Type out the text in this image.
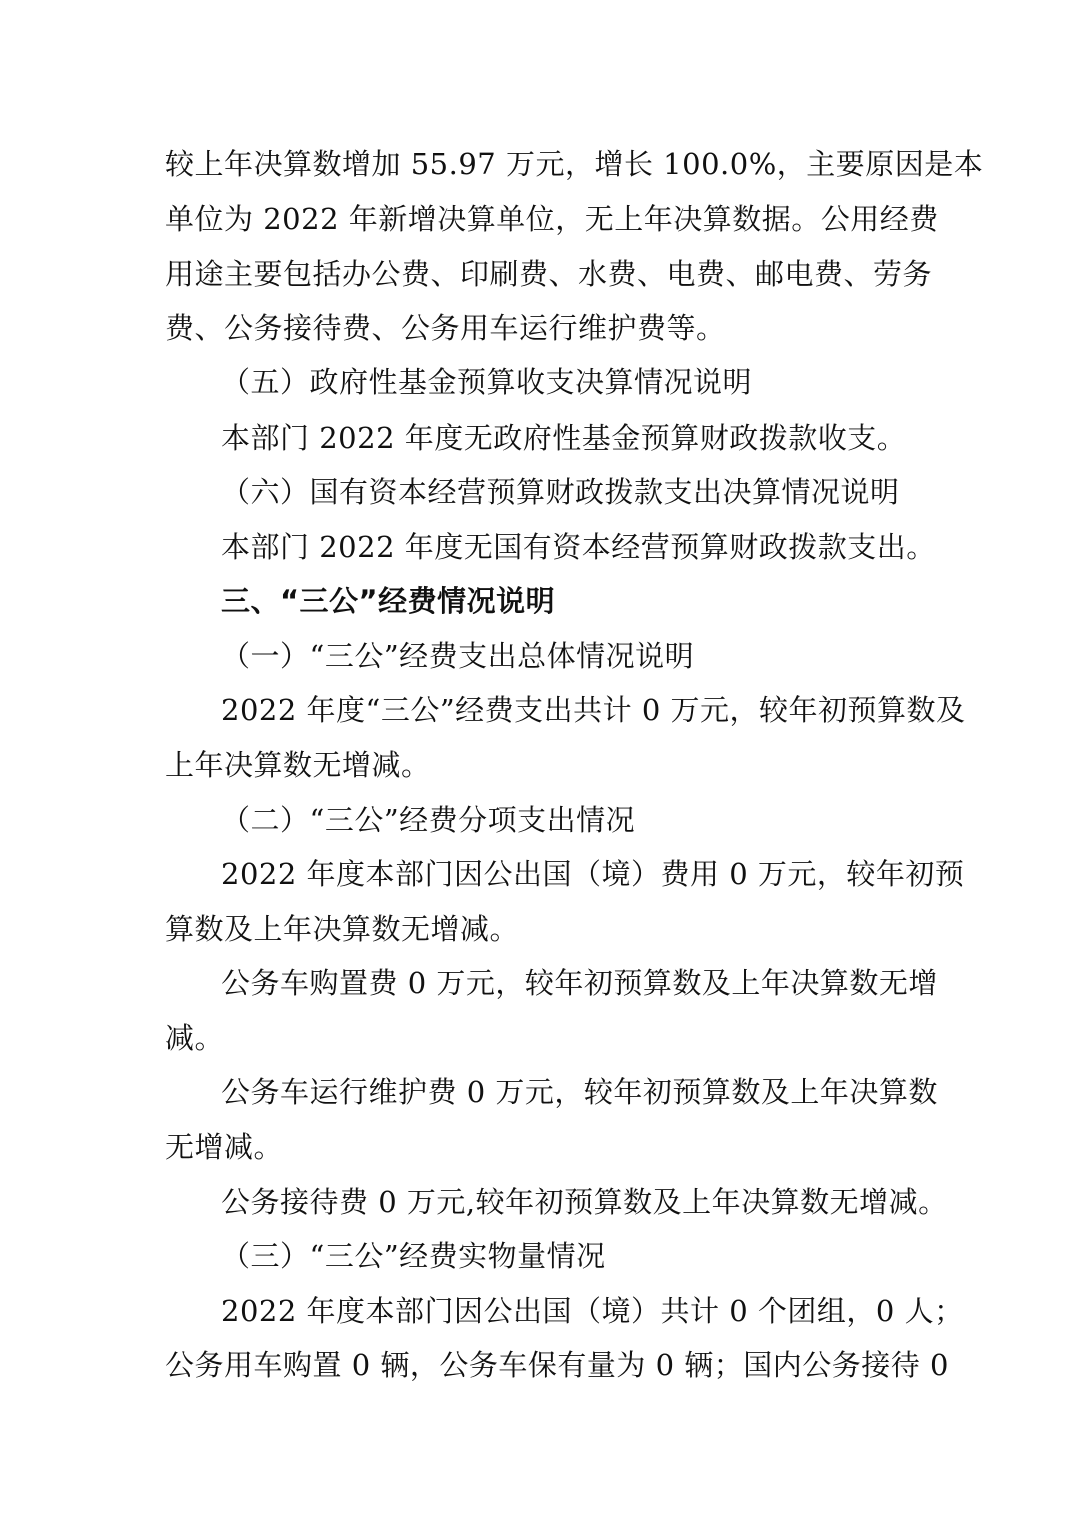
较上年决算数增加 55.97 万元，增长 100.0%，主要原因是本
单位为 2022 年新增决算单位，无上年决算数据。公用经费
用途主要包括办公费、印刷费、水费、电费、邮电费、劳务
费、公务接待费、公务用车运行维护费等。
（五）政府性基金预算收支决算情况说明
本部门 2022 年度无政府性基金预算财政拨款收支。
（六）国有资本经营预算财政拨款支出决算情况说明
本部门 2022 年度无国有资本经营预算财政拨款支出。
三、“三公”经费情况说明
（一）“三公”经费支出总体情况说明
2022 年度“三公”经费支出共计 0 万元，较年初预算数及
上年决算数无增减。
（二）“三公”经费分项支出情况
2022 年度本部门因公出国（境）费用 0 万元，较年初预
算数及上年决算数无增减。
公务车购置费 0 万元，较年初预算数及上年决算数无增
减。
公务车运行维护费 0 万元，较年初预算数及上年决算数
无增减。
公务接待费 0 万元,较年初预算数及上年决算数无增减。
（三）“三公”经费实物量情况
2022 年度本部门因公出国（境）共计 0 个团组，0 人；
公务用车购置 0 辆，公务车保有量为 0 辆；国内公务接待 0
